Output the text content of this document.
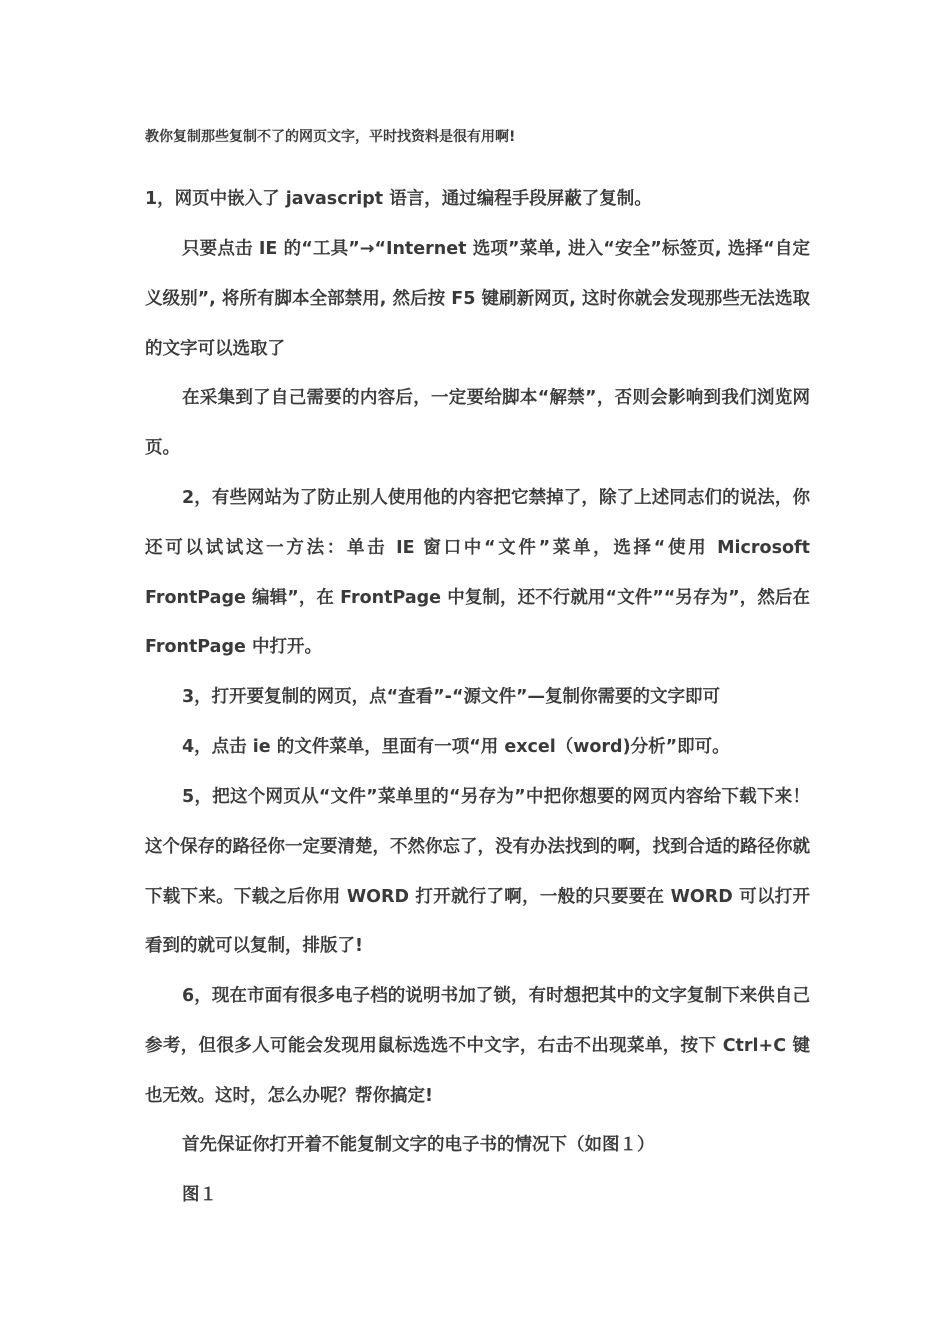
教你复制那些复制不了的网页文字，平时找资料是很有用啊!

1，网页中嵌入了 javascript 语言，通过编程手段屏蔽了复制。

只要点击 IE 的“工具”→“Internet 选项”菜单, 进入“安全”标签页, 选择“自定义级别”, 将所有脚本全部禁用, 然后按 F5 键刷新网页, 这时你就会发现那些无法选取的文字可以选取了

在采集到了自己需要的内容后，一定要给脚本“解禁”，否则会影响到我们浏览网页。

2，有些网站为了防止别人使用他的内容把它禁掉了，除了上述同志们的说法，你还可以试试这一方法：单击 IE 窗口中“文件”菜单，选择“使用 Microsoft FrontPage 编辑”，在 FrontPage 中复制，还不行就用“文件”“另存为”，然后在 FrontPage 中打开。

3，打开要复制的网页，点“查看”-“源文件”—复制你需要的文字即可

4，点击 ie 的文件菜单，里面有一项“用 excel（word)分析”即可。

5，把这个网页从“文件”菜单里的“另存为”中把你想要的网页内容给下载下来！这个保存的路径你一定要清楚，不然你忘了，没有办法找到的啊，找到合适的路径你就下载下来。下载之后你用 WORD 打开就行了啊，一般的只要要在 WORD 可以打开看到的就可以复制，排版了!

6，现在市面有很多电子档的说明书加了锁，有时想把其中的文字复制下来供自己参考，但很多人可能会发现用鼠标选选不中文字，右击不出现菜单，按下 Ctrl+C 键也无效。这时，怎么办呢？帮你搞定!

首先保证你打开着不能复制文字的电子书的情况下（如图１）

图１
